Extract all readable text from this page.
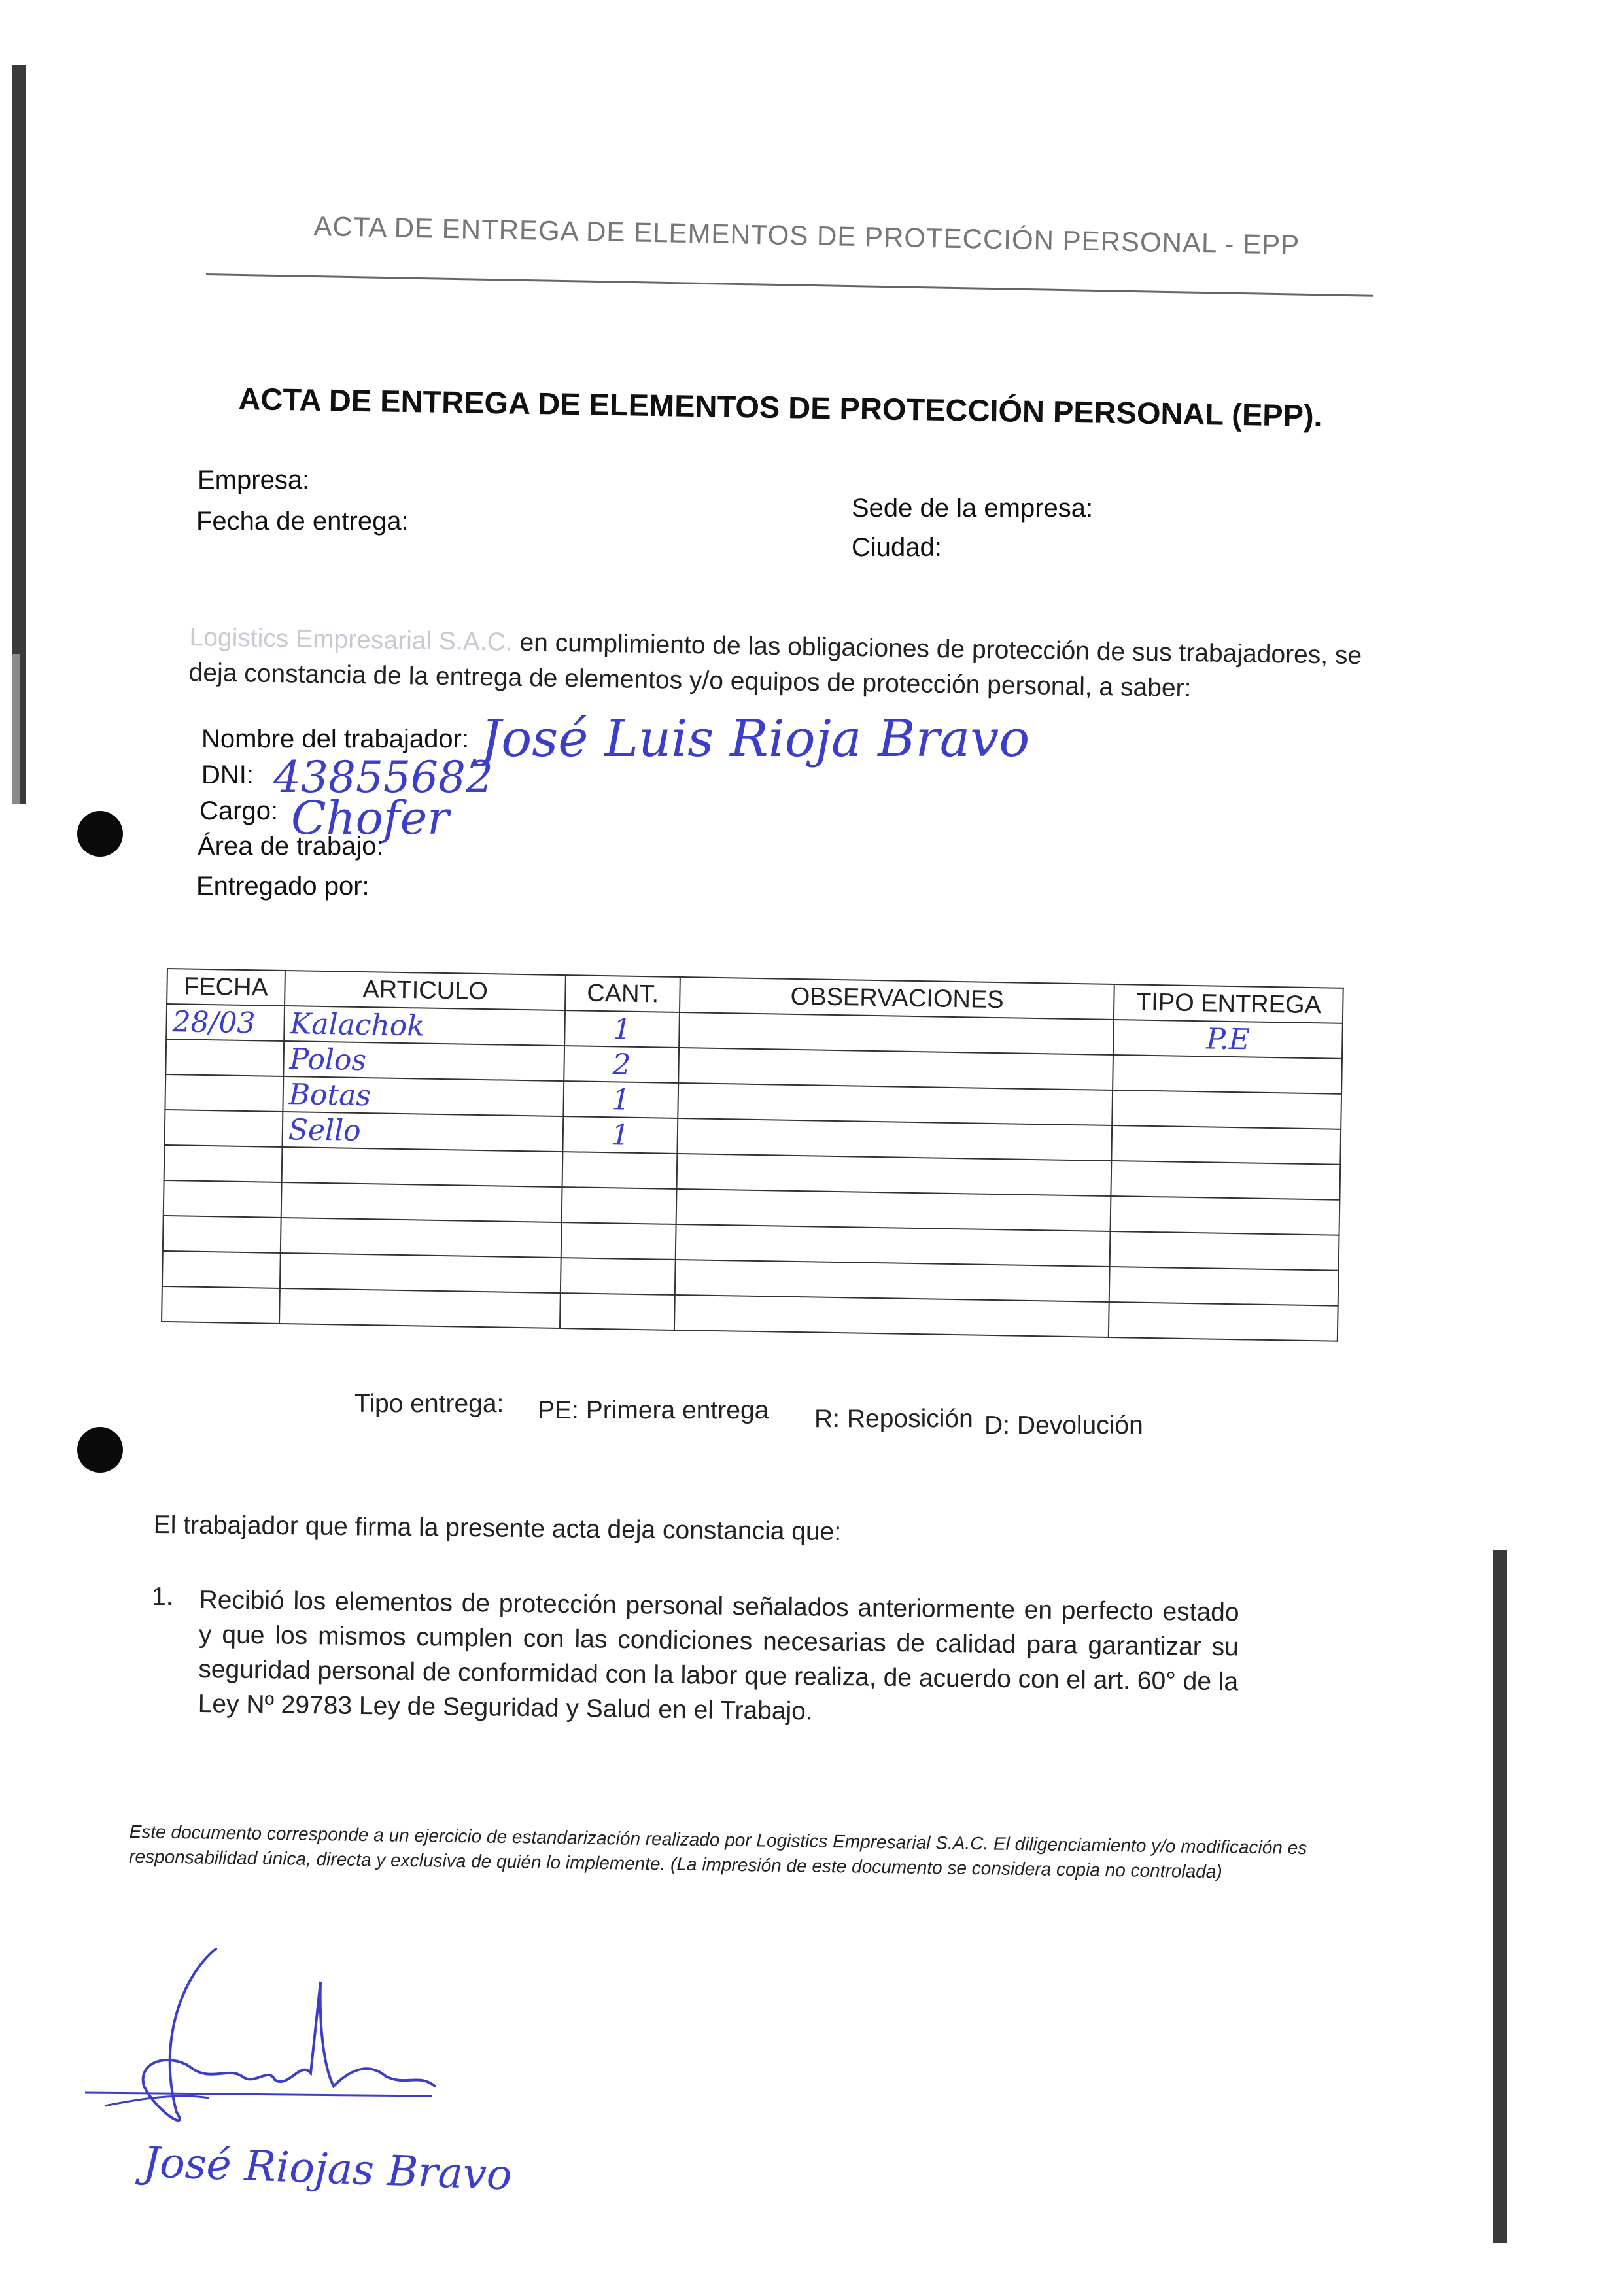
ACTA DE ENTREGA DE ELEMENTOS DE PROTECCIÓN PERSONAL - EPP
ACTA DE ENTREGA DE ELEMENTOS DE PROTECCIÓN PERSONAL (EPP).
Empresa:
Fecha de entrega:	Sede de la empresa:
Ciudad:
Logistics Empresarial S.A.C. en cumplimiento de las obligaciones de protección de sus trabajadores, se deja constancia de la entrega de elementos y/o equipos de protección personal, a saber:
Nombre del trabajador: José Luis Rioja Bravo
DNI: 43855682
Cargo: Chofer
Área de trabajo:
Entregado por:
FECHA	ARTICULO	CANT.	OBSERVACIONES	TIPO ENTREGA
28/03	Kalachok	1		P.E
	Polos	2		
	Botas	1		
	Sello	1		

Tipo entrega: PE: Primera entrega R: Reposición D: Devolución
El trabajador que firma la presente acta deja constancia que:
1. Recibió los elementos de protección personal señalados anteriormente en perfecto estado y que los mismos cumplen con las condiciones necesarias de calidad para garantizar su seguridad personal de conformidad con la labor que realiza, de acuerdo con el art. 60° de la Ley Nº 29783 Ley de Seguridad y Salud en el Trabajo.
Este documento corresponde a un ejercicio de estandarización realizado por Logistics Empresarial S.A.C. El diligenciamiento y/o modificación es responsabilidad única, directa y exclusiva de quién lo implemente. (La impresión de este documento se considera copia no controlada)
José Riojas Bravo
